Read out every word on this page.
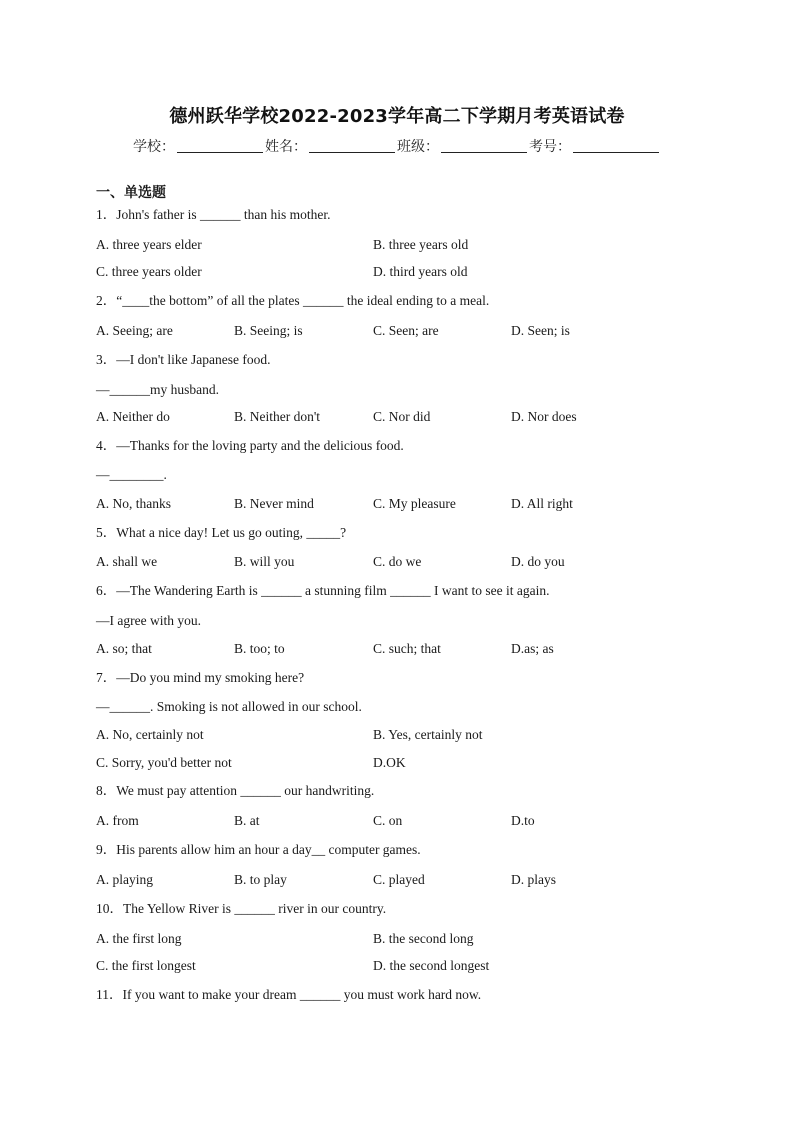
德州跃华学校2022-2023学年高二下学期月考英语试卷
学校：	姓名：	班级：	考号：
一、单选题
1．John's father is ______ than his mother.
A. three years elder	B. three years old
C. three years older	D. third years old
2．“____the bottom” of all the plates ______ the ideal ending to a meal.
A. Seeing; are	B. Seeing; is	C. Seen; are	D. Seen; is
3．—I don't like Japanese food.
—______my husband.
A. Neither do	B. Neither don't	C. Nor did	D. Nor does
4．—Thanks for the loving party and the delicious food.
—________.
A. No, thanks	B. Never mind	C. My pleasure	D. All right
5．What a nice day! Let us go outing, _____?
A. shall we	B. will you	C. do we	D. do you
6．—The Wandering Earth is ______ a stunning film ______ I want to see it again.
—I agree with you.
A. so; that	B. too; to	C. such; that	D.as; as
7．—Do you mind my smoking here?
—______. Smoking is not allowed in our school.
A. No, certainly not	B. Yes, certainly not
C. Sorry, you'd better not	D.OK
8．We must pay attention ______ our handwriting.
A. from	B. at	C. on	D.to
9．His parents allow him an hour a day__ computer games.
A. playing	B. to play	C. played	D. plays
10．The Yellow River is ______ river in our country.
A. the first long	B. the second long
C. the first longest	D. the second longest
11．If you want to make your dream ______ you must work hard now.
